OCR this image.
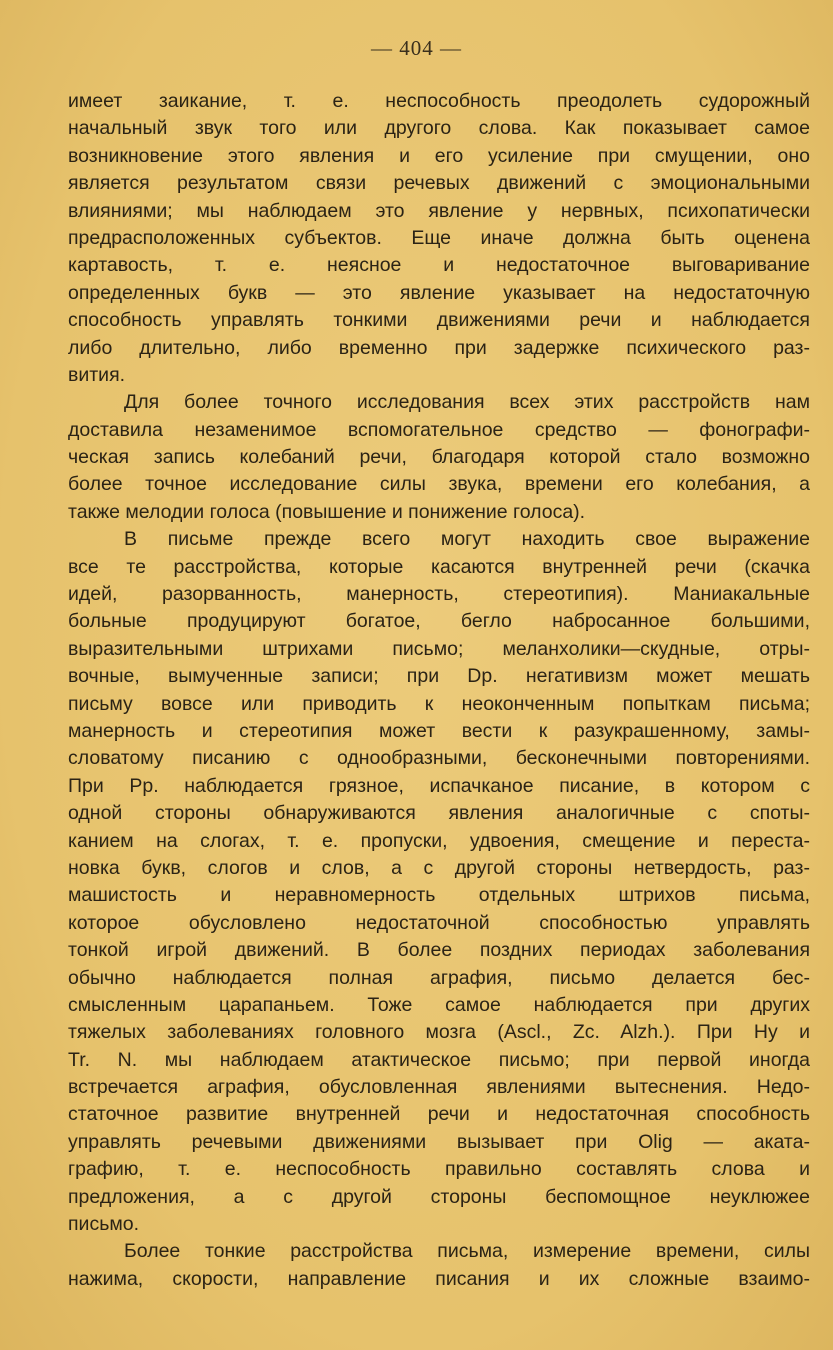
— 404 —
имеет заикание, т. е. неспособность преодолеть судорожный
начальный звук того или другого слова. Как показывает самое
возникновение этого явления и его усиление при смущении, оно
является результатом связи речевых движений с эмоциональными
влияниями; мы наблюдаем это явление у нервных, психопатически
предрасположенных субъектов. Еще иначе должна быть оценена
картавость, т. е. неясное и недостаточное выговаривание
определенных букв — это явление указывает на недостаточную
способность управлять тонкими движениями речи и наблюдается
либо длительно, либо временно при задержке психического раз-
вития.
Для более точного исследования всех этих расстройств нам
доставила незаменимое вспомогательное средство — фонографи-
ческая запись колебаний речи, благодаря которой стало возможно
более точное исследование силы звука, времени его колебания, а
также мелодии голоса (повышение и понижение голоса).
В письме прежде всего могут находить свое выражение
все те расстройства, которые касаются внутренней речи (скачка
идей, разорванность, манерность, стереотипия). Маниакальные
больные продуцируют богатое, бегло набросанное большими,
выразительными штрихами письмо; меланхолики—скудные, отры-
вочные, вымученные записи; при Dp. негативизм может мешать
письму вовсе или приводить к неоконченным попыткам письма;
манерность и стереотипия может вести к разукрашенному, замы-
словатому писанию с однообразными, бесконечными повторениями.
При Pp. наблюдается грязное, испачканое писание, в котором с
одной стороны обнаруживаются явления аналогичные с споты-
канием на слогах, т. е. пропуски, удвоения, смещение и переста-
новка букв, слогов и слов, а с другой стороны нетвердость, раз-
машистость и неравномерность отдельных штрихов письма,
которое обусловлено недостаточной способностью управлять
тонкой игрой движений. В более поздних периодах заболевания
обычно наблюдается полная аграфия, письмо делается бес-
смысленным царапаньем. Тоже самое наблюдается при других
тяжелых заболеваниях головного мозга (Ascl., Zc. Alzh.). При Hy и
Tr. N. мы наблюдаем атактическое письмо; при первой иногда
встречается аграфия, обусловленная явлениями вытеснения. Недо-
статочное развитие внутренней речи и недостаточная способность
управлять речевыми движениями вызывает при Olig — аката-
графию, т. е. неспособность правильно составлять слова и
предложения, а с другой стороны беспомощное неуклюжее
письмо.
Более тонкие расстройства письма, измерение времени, силы
нажима, скорости, направление писания и их сложные взаимо-
